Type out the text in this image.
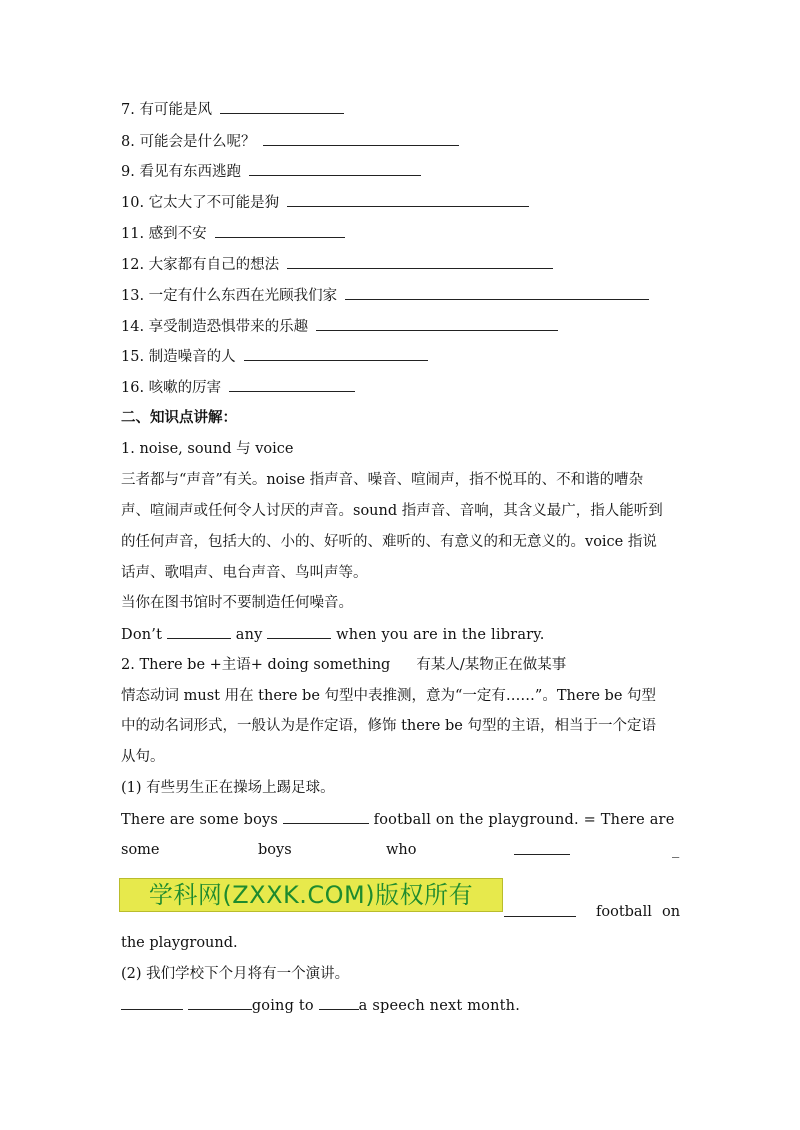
7. 有可能是风
8. 可能会是什么呢？
9. 看见有东西逃跑
10. 它太大了不可能是狗
11. 感到不安
12. 大家都有自己的想法
13. 一定有什么东西在光顾我们家
14. 享受制造恐惧带来的乐趣
15. 制造噪音的人
16. 咳嗽的厉害
二、知识点讲解：
1. noise, sound 与 voice
三者都与“声音”有关。noise 指声音、噪音、喧闹声，指不悦耳的、不和谐的嘈杂
声、喧闹声或任何令人讨厌的声音。sound 指声音、音响，其含义最广，指人能听到
的任何声音，包括大的、小的、好听的、难听的、有意义的和无意义的。voice 指说
话声、歌唱声、电台声音、鸟叫声等。
当你在图书馆时不要制造任何噪音。
Don’t	any	when you are in the library.
2. There be +主语+ doing something 有某人/某物正在做某事
情态动词 must 用在 there be 句型中表推测，意为“一定有……”。There be 句型
中的动名词形式，一般认为是作定语，修饰 there be 句型的主语，相当于一个定语
从句。
(1) 有些男生正在操场上踢足球。
There are some boys	football on the playground. = There are
some	boys	who	_
学科网(ZXXK.COM)版权所有
football on
the playground.
(2) 我们学校下个月将有一个演讲。
going to	a speech next month.
